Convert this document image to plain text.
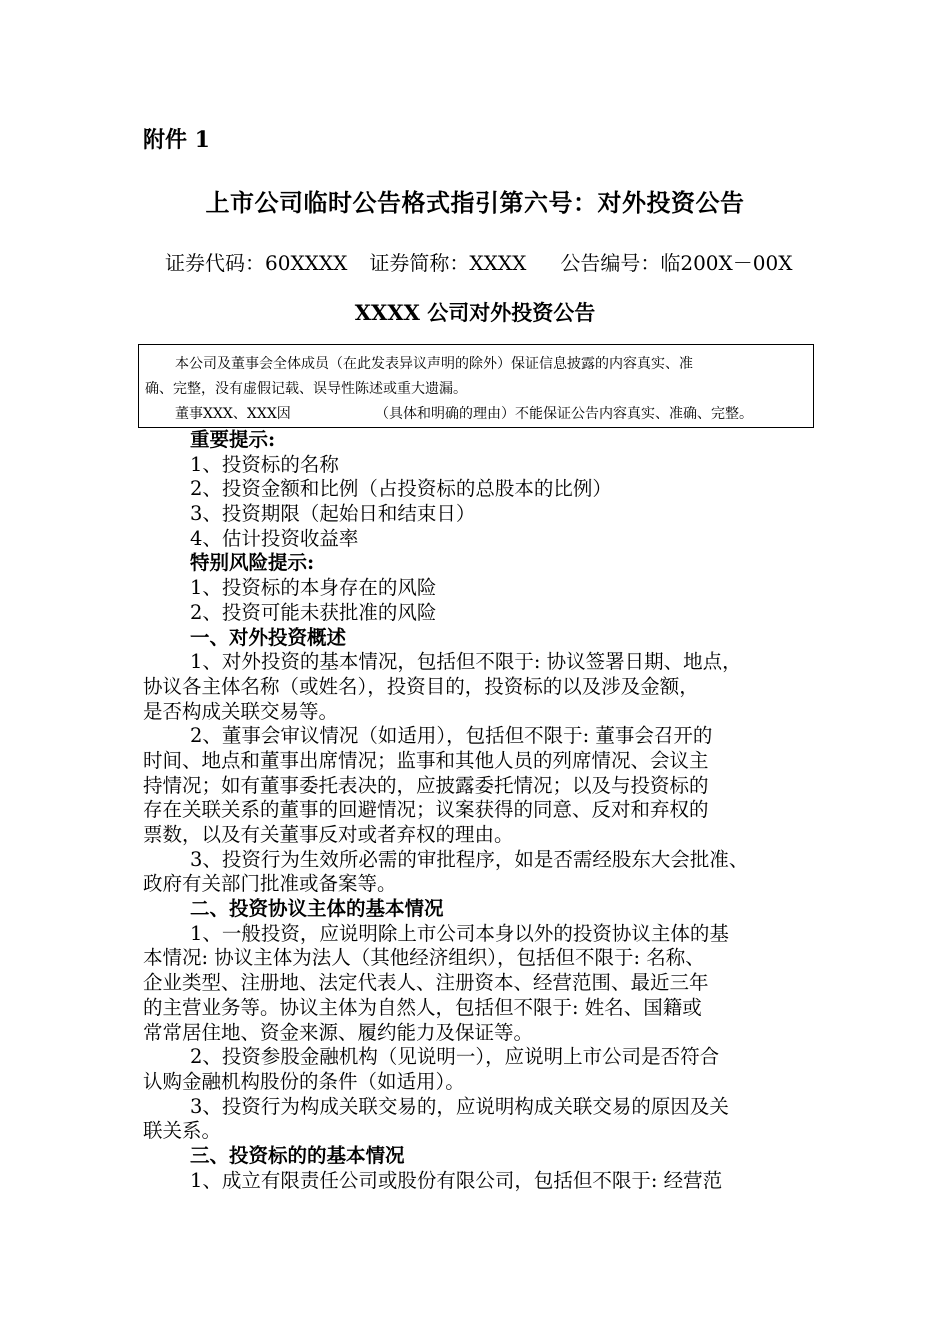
附件 1
上市公司临时公告格式指引第六号：对外投资公告
证券代码：60XXXX 证券简称：XXXX 公告编号：临200X－00X
XXXX 公司对外投资公告
本公司及董事会全体成员（在此发表异议声明的除外）保证信息披露的内容真实、准
确、完整，没有虚假记载、误导性陈述或重大遗漏。
董事XXX、XXX因	（具体和明确的理由）不能保证公告内容真实、准确、完整。
重要提示:
1、投资标的名称
2、投资金额和比例（占投资标的总股本的比例）
3、投资期限（起始日和结束日）
4、估计投资收益率
特别风险提示:
1、投资标的本身存在的风险
2、投资可能未获批准的风险
一、对外投资概述
1、对外投资的基本情况，包括但不限于: 协议签署日期、地点，
协议各主体名称（或姓名），投资目的，投资标的以及涉及金额，
是否构成关联交易等。
2、董事会审议情况（如适用），包括但不限于: 董事会召开的
时间、地点和董事出席情况；监事和其他人员的列席情况、会议主
持情况；如有董事委托表决的，应披露委托情况；以及与投资标的
存在关联关系的董事的回避情况；议案获得的同意、反对和弃权的
票数，以及有关董事反对或者弃权的理由。
3、投资行为生效所必需的审批程序，如是否需经股东大会批准、
政府有关部门批准或备案等。
二、投资协议主体的基本情况
1、一般投资，应说明除上市公司本身以外的投资协议主体的基
本情况: 协议主体为法人（其他经济组织），包括但不限于: 名称、
企业类型、注册地、法定代表人、注册资本、经营范围、最近三年
的主营业务等。协议主体为自然人，包括但不限于: 姓名、国籍或
常常居住地、资金来源、履约能力及保证等。
2、投资参股金融机构（见说明一），应说明上市公司是否符合
认购金融机构股份的条件（如适用）。
3、投资行为构成关联交易的，应说明构成关联交易的原因及关
联关系。
三、投资标的的基本情况
1、成立有限责任公司或股份有限公司，包括但不限于: 经营范
